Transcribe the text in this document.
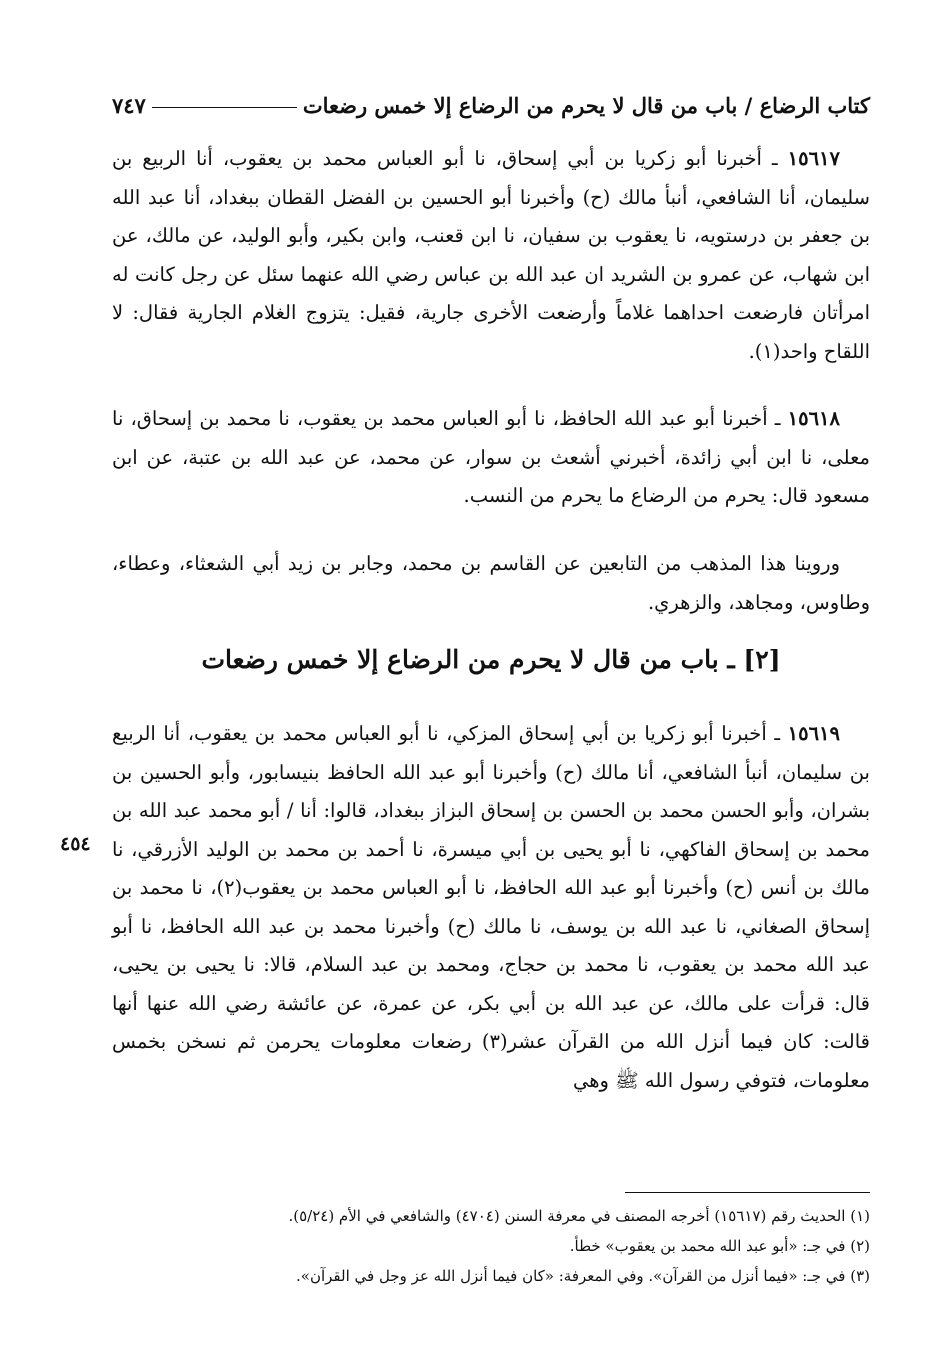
كتاب الرضاع / باب من قال لا يحرم من الرضاع إلا خمس رضعات
٧٤٧

١٥٦١٧ ـ أخبرنا أبو زكريا بن أبي إسحاق، نا أبو العباس محمد بن يعقوب، أنا الربيع بن سليمان، أنا الشافعي، أنبأ مالك (ح) وأخبرنا أبو الحسين بن الفضل القطان ببغداد، أنا عبد الله بن جعفر بن درستويه، نا يعقوب بن سفيان، نا ابن قعنب، وابن بكير، وأبو الوليد، عن مالك، عن ابن شهاب، عن عمرو بن الشريد ان عبد الله بن عباس رضي الله عنهما سئل عن رجل كانت له امرأتان فارضعت احداهما غلاماً وأرضعت الأخرى جارية، فقيل: يتزوج الغلام الجارية فقال: لا اللقاح واحد(١).

١٥٦١٨ ـ أخبرنا أبو عبد الله الحافظ، نا أبو العباس محمد بن يعقوب، نا محمد بن إسحاق، نا معلى، نا ابن أبي زائدة، أخبرني أشعث بن سوار، عن محمد، عن عبد الله بن عتبة، عن ابن مسعود قال: يحرم من الرضاع ما يحرم من النسب.

وروينا هذا المذهب من التابعين عن القاسم بن محمد، وجابر بن زيد أبي الشعثاء، وعطاء، وطاوس، ومجاهد، والزهري.

[٢] ـ باب من قال لا يحرم من الرضاع إلا خمس رضعات

١٥٦١٩ ـ أخبرنا أبو زكريا بن أبي إسحاق المزكي، نا أبو العباس محمد بن يعقوب، أنا الربيع بن سليمان، أنبأ الشافعي، أنا مالك (ح) وأخبرنا أبو عبد الله الحافظ بنيسابور، وأبو الحسين بن بشران، وأبو الحسن محمد بن الحسن بن إسحاق البزاز ببغداد، قالوا: أنا / أبو محمد عبد الله بن محمد بن إسحاق الفاكهي، نا أبو يحيى بن أبي ميسرة، نا أحمد بن محمد بن الوليد الأزرقي، نا مالك بن أنس (ح) وأخبرنا أبو عبد الله الحافظ، نا أبو العباس محمد بن يعقوب(٢)، نا محمد بن إسحاق الصغاني، نا عبد الله بن يوسف، نا مالك (ح) وأخبرنا محمد بن عبد الله الحافظ، نا أبو عبد الله محمد بن يعقوب، نا محمد بن حجاج، ومحمد بن عبد السلام، قالا: نا يحيى بن يحيى، قال: قرأت على مالك، عن عبد الله بن أبي بكر، عن عمرة، عن عائشة رضي الله عنها أنها قالت: كان فيما أنزل الله من القرآن عشر(٣) رضعات معلومات يحرمن ثم نسخن بخمس معلومات، فتوفي رسول الله ﷺ وهي

٤٥٤
(١) الحديث رقم (١٥٦١٧) أخرجه المصنف في معرفة السنن (٤٧٠٤) والشافعي في الأم (٥/٢٤).
(٢) في جـ: «أبو عبد الله محمد بن يعقوب» خطأ.
(٣) في جـ: «فيما أنزل من القرآن». وفي المعرفة: «كان فيما أنزل الله عز وجل في القرآن».
